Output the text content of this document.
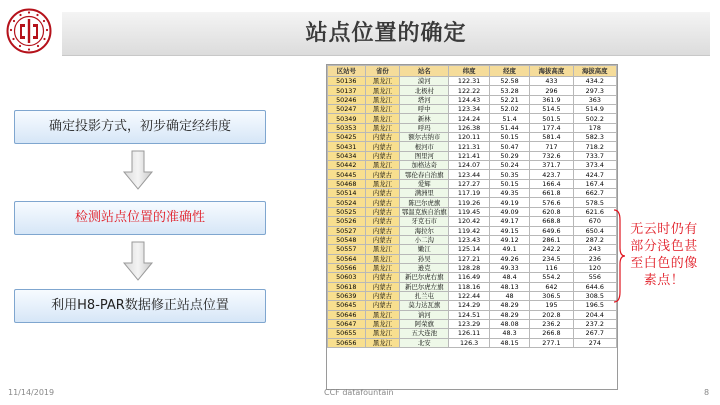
站点位置的确定
确定投影方式，初步确定经纬度
检测站点位置的准确性
利用H8-PAR数据修正站点位置
区站号	省份	站名	纬度	经度	海拔高度	海拔高度
50136	黑龙江	漠河	122.31	52.58	433	434.2
50137	黑龙江	北极村	122.22	53.28	296	297.3
50246	黑龙江	塔河	124.43	52.21	361.9	363
50247	黑龙江	呼中	123.34	52.02	514.5	514.9
50349	黑龙江	新林	124.24	51.4	501.5	502.2
50353	黑龙江	呼玛	126.38	51.44	177.4	178
50425	内蒙古	额尔古纳市	120.11	50.15	581.4	582.3
50431	内蒙古	根河市	121.31	50.47	717	718.2
50434	内蒙古	图里河	121.41	50.29	732.6	733.7
50442	黑龙江	加格达奇	124.07	50.24	371.7	373.4
50445	内蒙古	鄂伦春自治旗	123.44	50.35	423.7	424.7
50468	黑龙江	爱辉	127.27	50.15	166.4	167.4
50514	内蒙古	满洲里	117.19	49.35	661.8	662.7
50524	内蒙古	陈巴尔虎旗	119.26	49.19	576.6	578.5
50525	内蒙古	鄂温克族自治旗	119.45	49.09	620.8	621.6
50526	内蒙古	牙克石市	120.42	49.17	668.8	670
50527	内蒙古	海拉尔	119.42	49.15	649.6	650.4
50548	内蒙古	小二沟	123.43	49.12	286.1	287.2
50557	黑龙江	嫩江	125.14	49.1	242.2	243
50564	黑龙江	孙吴	127.21	49.26	234.5	236
50566	黑龙江	逊克	128.28	49.33	116	120
50603	内蒙古	新巴尔虎右旗	116.49	48.4	554.2	556
50618	内蒙古	新巴尔虎左旗	118.16	48.13	642	644.6
50639	内蒙古	扎兰屯	122.44	48	306.5	308.5
50645	内蒙古	莫力达瓦旗	124.29	48.29	195	196.5
50646	黑龙江	讷河	124.51	48.29	202.8	204.4
50647	黑龙江	阿荣旗	123.29	48.08	236.2	237.2
50655	黑龙江	五大连池	126.11	48.3	266.8	267.7
50656	黑龙江	北安	126.3	48.15	277.1	274
无云时仍有
部分浅色甚
至白色的像
素点！
11/14/2019	CCF datafountain	8
